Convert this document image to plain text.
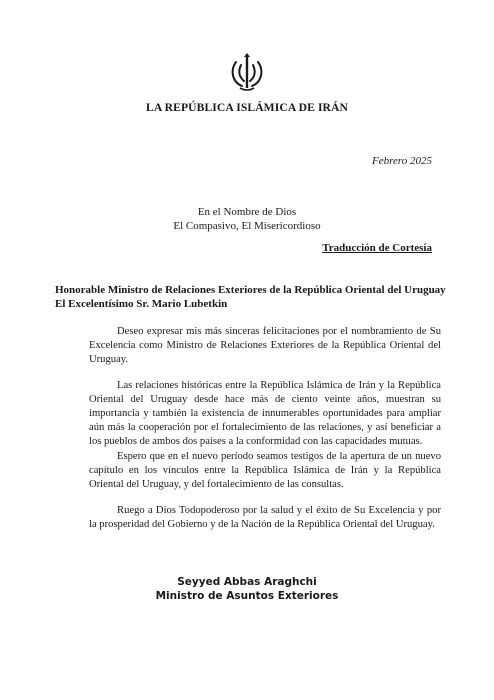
LA REPÚBLICA ISLÁMICA DE IRÁN
Febrero 2025
En el Nombre de Dios
El Compasivo, El Misericordioso
Traducción de Cortesía
Honorable Ministro de Relaciones Exteriores de la República Oriental del Uruguay
El Excelentísimo Sr. Mario Lubetkin

Deseo expresar mis más sinceras felicitaciones por el nombramiento de Su Excelencia como Ministro de Relaciones Exteriores de la República Oriental del Uruguay.

Las relaciones históricas entre la República Islámica de Irán y la República Oriental del Uruguay desde hace más de ciento veinte años, muestran su importancia y también la existencia de innumerables oportunidades para ampliar aún más la cooperación por el fortalecimiento de las relaciones, y así beneficiar a los pueblos de ambos dos países a la conformidad con las capacidades mutuas.

Espero que en el nuevo período seamos testigos de la apertura de un nuevo capítulo en los vínculos entre la República Islámica de Irán y la República Oriental del Uruguay, y del fortalecimiento de las consultas.

Ruego a Dios Todopoderoso por la salud y el éxito de Su Excelencia y por la prosperidad del Gobierno y de la Nación de la República Oriental del Uruguay.

Seyyed Abbas Araghchi
Ministro de Asuntos Exteriores
